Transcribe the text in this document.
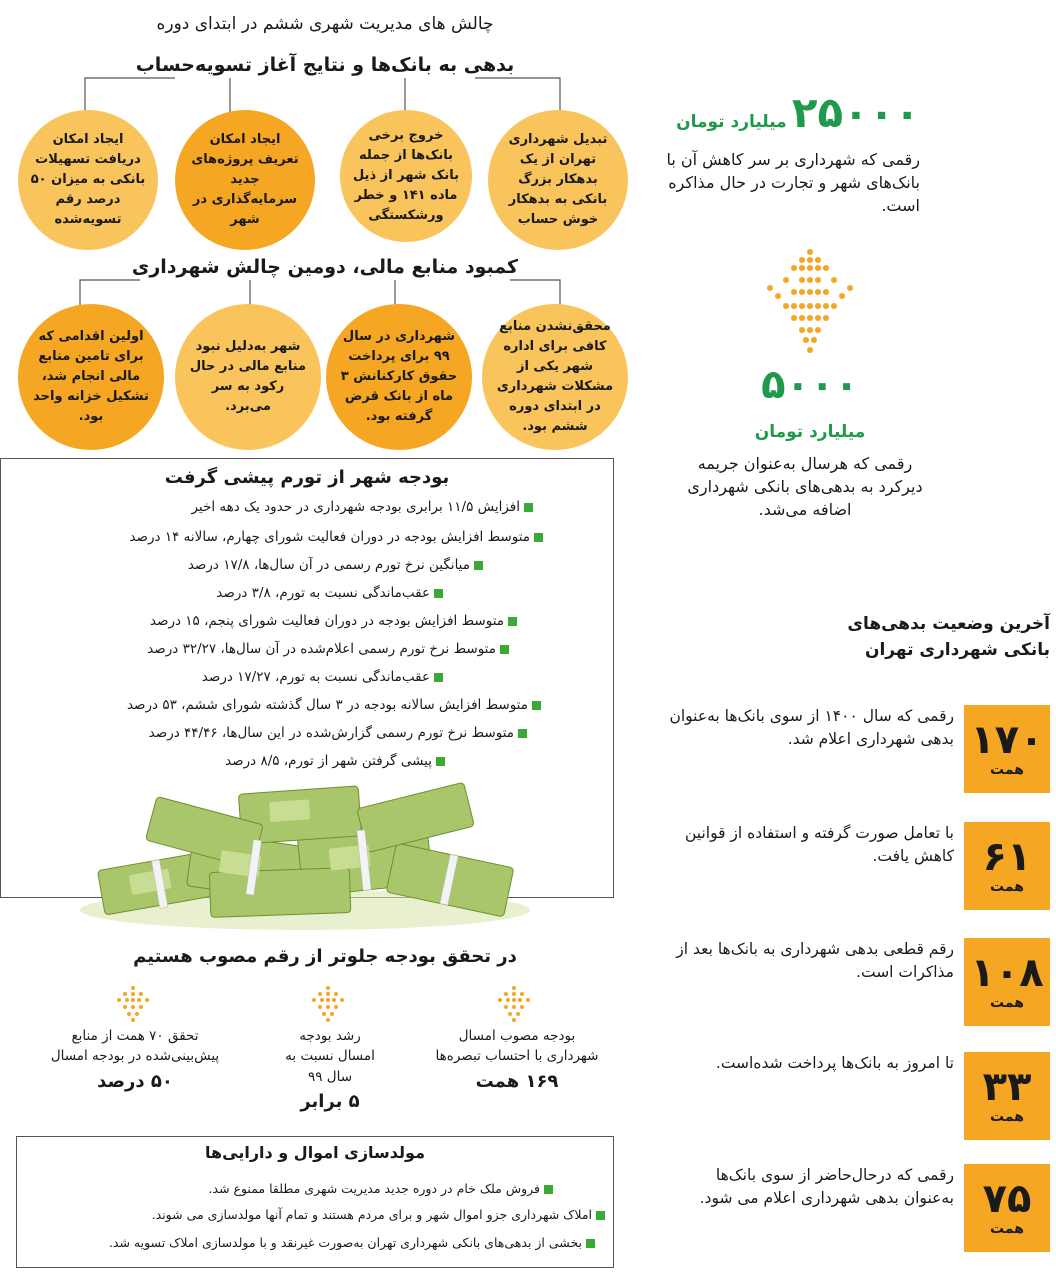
چالش های مدیریت شهری ششم در ابتدای دوره
بدهی به بانک‌ها و نتایج آغاز تسویه‌حساب
تبدیل شهرداری تهران از یک بدهکار بزرگ بانکی به بدهکار خوش حساب
خروج برخی بانک‌ها از جمله بانک شهر از ذیل ماده ۱۴۱ و خطر ورشکستگی
ایجاد امکان تعریف پروژه‌های جدید سرمایه‌گذاری در شهر
ایجاد امکان دریافت تسهیلات بانکی به میزان ۵۰ درصد رقم تسویه‌شده
کمبود منابع مالی، دومین چالش شهرداری
محقق‌نشدن منابع کافی برای اداره شهر یکی از مشکلات شهرداری در ابتدای دوره ششم بود.
شهرداری در سال ۹۹ برای پرداخت حقوق کارکنانش ۳ ماه از بانک قرض گرفته بود.
شهر به‌دلیل نبود منابع مالی در حال رکود به سر می‌برد.
اولین اقدامی که برای تامین منابع مالی انجام شد، تشکیل خزانه واحد بود.
بودجه شهر از تورم پیشی گرفت
افزایش ۱۱/۵ برابری بودجه شهرداری در حدود یک دهه اخیر
متوسط افزایش بودجه در دوران فعالیت شورای چهارم، سالانه ۱۴ درصد
میانگین نرخ تورم رسمی در آن سال‌ها، ۱۷/۸ درصد
عقب‌ماندگی نسبت به تورم، ۳/۸ درصد
متوسط افزایش بودجه در دوران فعالیت شورای پنجم، ۱۵ درصد
متوسط نرخ تورم رسمی اعلام‌شده در آن سال‌ها، ۳۲/۲۷ درصد
عقب‌ماندگی نسبت به تورم، ۱۷/۲۷ درصد
متوسط افزایش سالانه بودجه در ۳ سال گذشته شورای ششم، ۵۳ درصد
متوسط نرخ تورم رسمی گزارش‌شده در این سال‌ها، ۴۴/۴۶ درصد
پیشی گرفتن شهر از تورم، ۸/۵ درصد
در تحقق بودجه جلوتر از رقم مصوب هستیم
بودجه مصوب امسال شهرداری با احتساب تبصره‌ها
۱۶۹ همت
رشد بودجه امسال نسبت به سال ۹۹
۵ برابر
تحقق ۷۰ همت از منابع پیش‌بینی‌شده در بودجه امسال
۵۰ درصد
مولدسازی اموال و دارایی‌ها
فروش ملک خام در دوره جدید مدیریت شهری مطلقا ممنوع شد.
املاک شهرداری جزو اموال شهر و برای مردم هستند و تمام آنها مولدسازی می شوند.
بخشی از بدهی‌های بانکی شهرداری تهران به‌صورت غیرنقد و با مولدسازی املاک تسویه شد.
۲۵۰۰۰ میلیارد تومان
رقمی که شهرداری بر سر کاهش آن با بانک‌های شهر و تجارت در حال مذاکره است.
۵۰۰۰
میلیارد تومان
رقمی که هرسال به‌عنوان جریمه دیرکرد به بدهی‌های بانکی شهرداری اضافه می‌شد.
آخرین وضعیت بدهی‌های بانکی شهرداری تهران
۱۷۰
همت
رقمی که سال ۱۴۰۰ از سوی بانک‌ها به‌عنوان بدهی شهرداری اعلام شد.
۶۱
همت
با تعامل صورت گرفته و استفاده از قوانین کاهش یافت.
۱۰۸
همت
رقم قطعی بدهی شهرداری به بانک‌ها بعد از مذاکرات است.
۳۳
همت
تا امروز به بانک‌ها پرداخت شده‌است.
۷۵
همت
رقمی که درحال‌حاضر از سوی بانک‌ها به‌عنوان بدهی شهرداری اعلام می شود.
